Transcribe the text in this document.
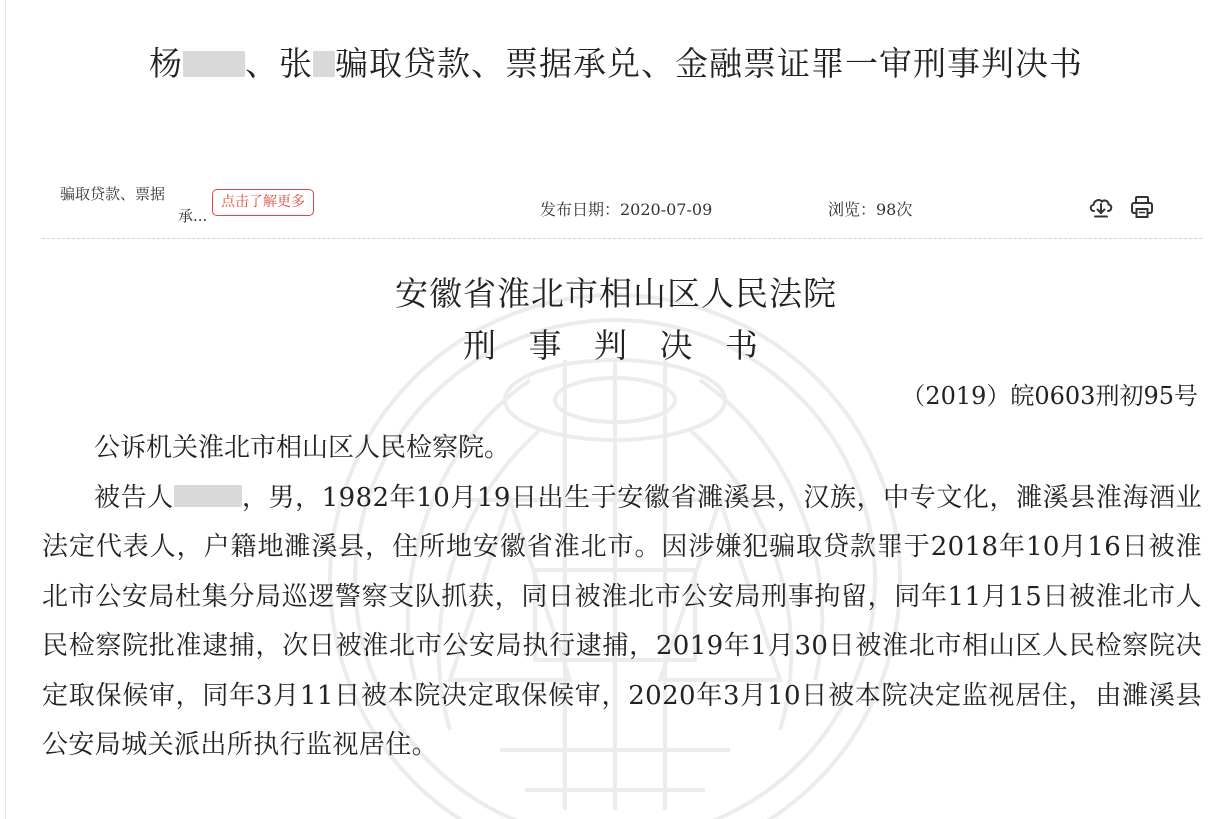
杨 、张 骗取贷款、票据承兑、金融票证罪一审刑事判决书
骗取贷款、票据
承...
点击了解更多	发布日期：2020-07-09	浏览：98次
安徽省淮北市相山区人民法院
刑 事 判 决 书
（2019）皖0603刑初95号

公诉机关淮北市相山区人民检察院。

被告人	，男，1982年10月19日出生于安徽省濉溪县，汉族，中专文化，濉溪县淮海酒业法定代表人，户籍地濉溪县，住所地安徽省淮北市。因涉嫌犯骗取贷款罪于2018年10月16日被淮北市公安局杜集分局巡逻警察支队抓获，同日被淮北市公安局刑事拘留，同年11月15日被淮北市人民检察院批准逮捕，次日被淮北市公安局执行逮捕，2019年1月30日被淮北市相山区人民检察院决定取保候审，同年3月11日被本院决定取保候审，2020年3月10日被本院决定监视居住，由濉溪县公安局城关派出所执行监视居住。
